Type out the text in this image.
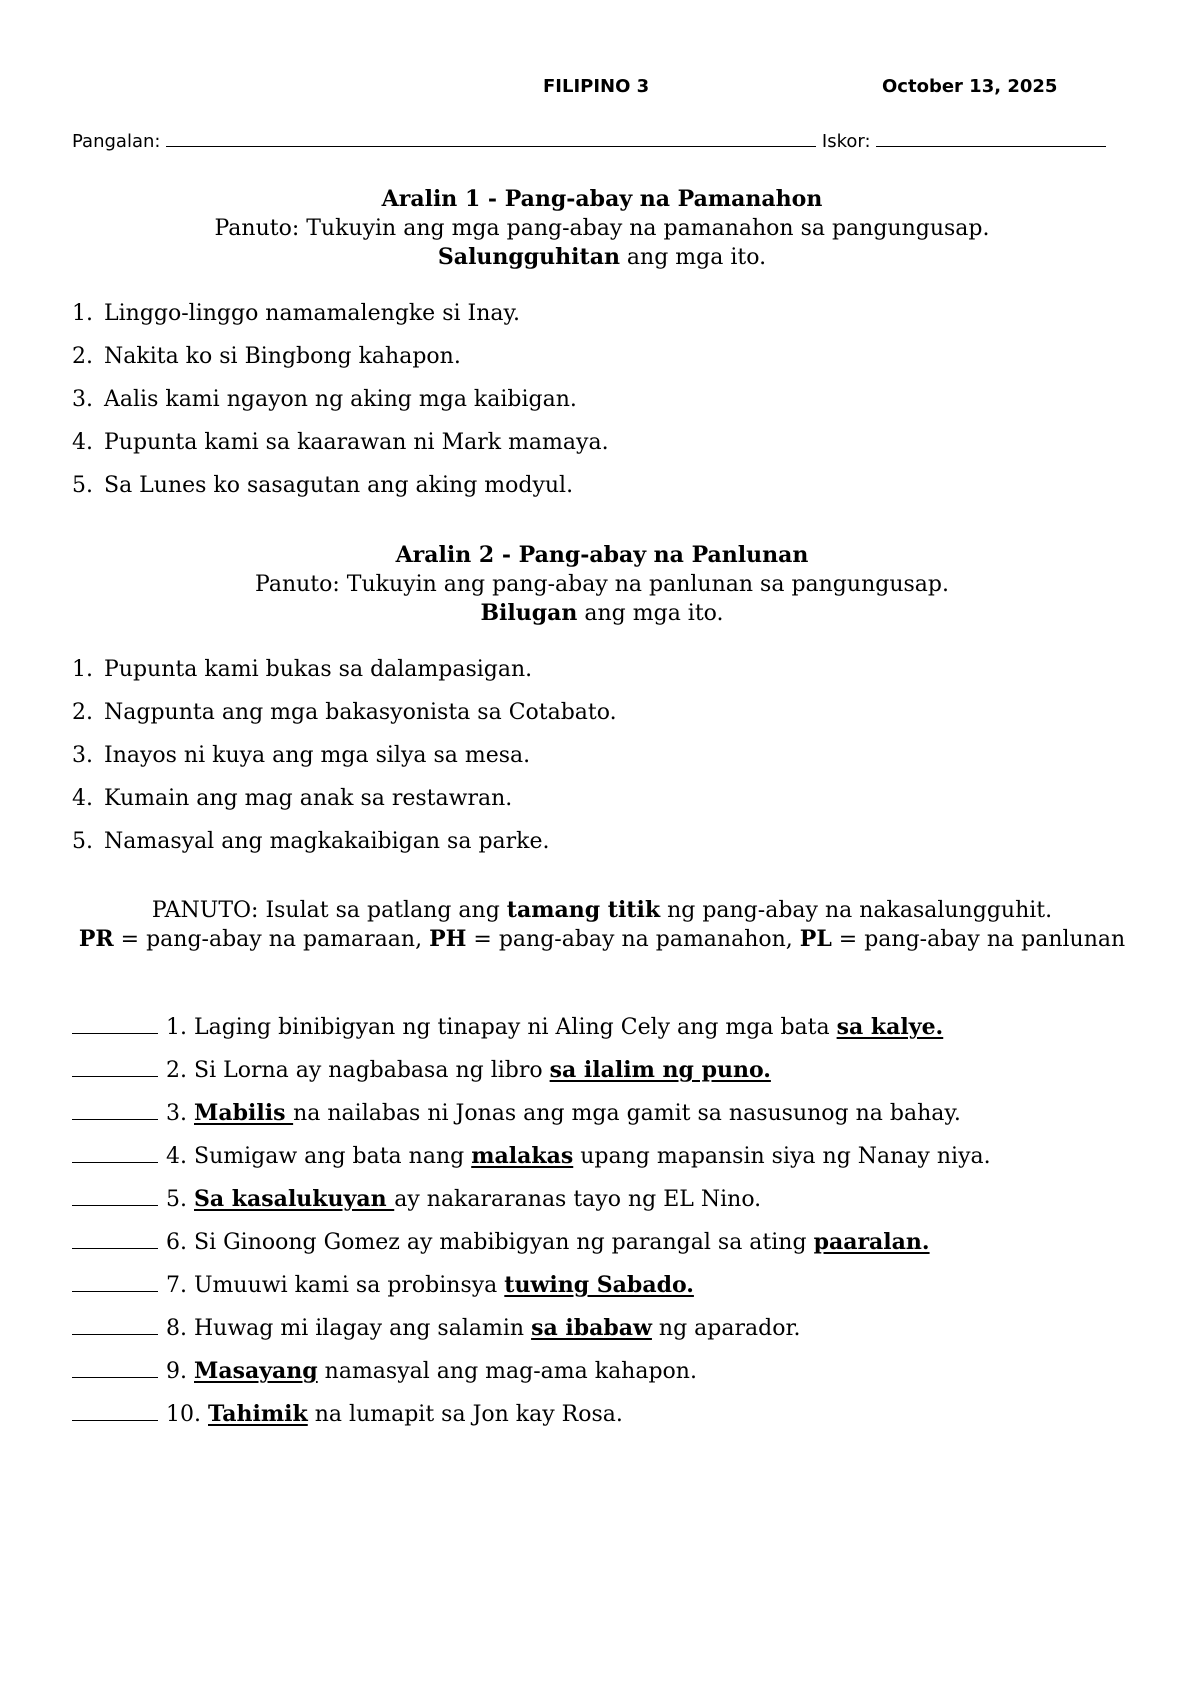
FILIPINO 3	October 13, 2025
Pangalan:	Iskor:
Aralin 1 - Pang-abay na Pamanahon
Panuto: Tukuyin ang mga pang-abay na pamanahon sa pangungusap.
Salungguhitan ang mga ito.
1. Linggo-linggo namamalengke si Inay.
2. Nakita ko si Bingbong kahapon.
3. Aalis kami ngayon ng aking mga kaibigan.
4. Pupunta kami sa kaarawan ni Mark mamaya.
5. Sa Lunes ko sasagutan ang aking modyul.
Aralin 2 - Pang-abay na Panlunan
Panuto: Tukuyin ang pang-abay na panlunan sa pangungusap.
Bilugan ang mga ito.
1. Pupunta kami bukas sa dalampasigan.
2. Nagpunta ang mga bakasyonista sa Cotabato.
3. Inayos ni kuya ang mga silya sa mesa.
4. Kumain ang mag anak sa restawran.
5. Namasyal ang magkakaibigan sa parke.
PANUTO: Isulat sa patlang ang tamang titik ng pang-abay na nakasalungguhit.
PR = pang-abay na pamaraan, PH = pang-abay na pamanahon, PL = pang-abay na panlunan
1. Laging binibigyan ng tinapay ni Aling Cely ang mga bata sa kalye.
2. Si Lorna ay nagbabasa ng libro sa ilalim ng puno.
3. Mabilis na nailabas ni Jonas ang mga gamit sa nasusunog na bahay.
4. Sumigaw ang bata nang malakas upang mapansin siya ng Nanay niya.
5. Sa kasalukuyan ay nakararanas tayo ng EL Nino.
6. Si Ginoong Gomez ay mabibigyan ng parangal sa ating paaralan.
7. Umuuwi kami sa probinsya tuwing Sabado.
8. Huwag mi ilagay ang salamin sa ibabaw ng aparador.
9. Masayang namasyal ang mag-ama kahapon.
10. Tahimik na lumapit sa Jon kay Rosa.
